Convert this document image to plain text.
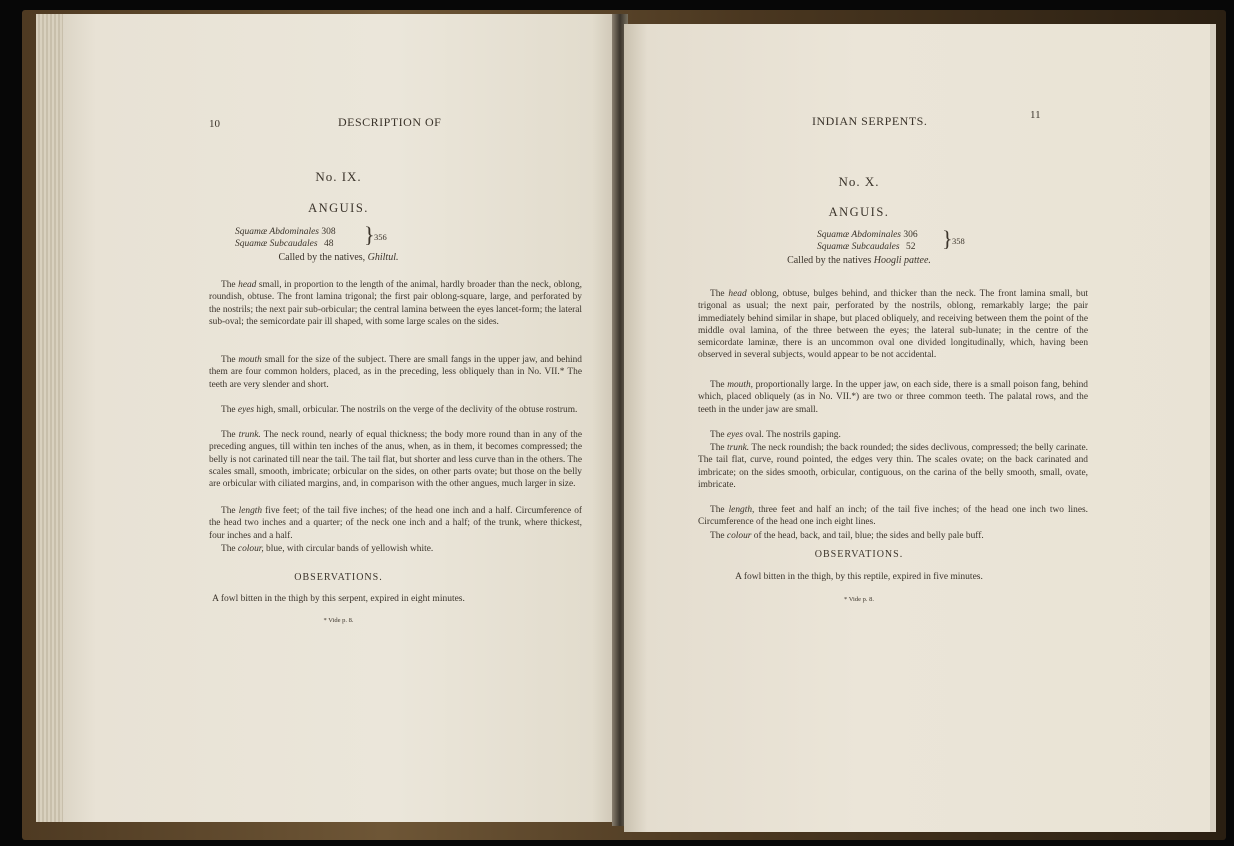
10	DESCRIPTION OF
No. IX.
ANGUIS.
Squamæ Abdominales 308
Squamæ Subcaudales 48	} 356
Called by the natives, Ghiltul.
The head small, in proportion to the length of the animal, hardly broader than the neck, oblong, roundish, obtuse. The front lamina trigonal; the first pair oblong-square, large, and perforated by the nostrils; the next pair sub-orbicular; the central lamina between the eyes lancet-form; the lateral sub-oval; the semicordate pair ill shaped, with some large scales on the sides.
The mouth small for the size of the subject. There are small fangs in the upper jaw, and behind them are four common holders, placed, as in the preceding, less obliquely than in No. VII.* The teeth are very slender and short.
The eyes high, small, orbicular. The nostrils on the verge of the declivity of the obtuse rostrum.
The trunk. The neck round, nearly of equal thickness; the body more round than in any of the preceding angues, till within ten inches of the anus, when, as in them, it becomes compressed; the belly is not carinated till near the tail. The tail flat, but shorter and less curve than in the others. The scales small, smooth, imbricate; orbicular on the sides, on other parts ovate; but those on the belly are orbicular with ciliated margins, and, in comparison with the other angues, much larger in size.
The length five feet; of the tail five inches; of the head one inch and a half. Circumference of the head two inches and a quarter; of the neck one inch and a half; of the trunk, where thickest, four inches and a half.
The colour, blue, with circular bands of yellowish white.
OBSERVATIONS.
A fowl bitten in the thigh by this serpent, expired in eight minutes.
* Vide p. 8.
INDIAN SERPENTS.	11
No. X.
ANGUIS.
Squamæ Abdominales 306
Squamæ Subcaudales 52	} 358
Called by the natives Hoogli pattee.
The head oblong, obtuse, bulges behind, and thicker than the neck. The front lamina small, but trigonal as usual; the next pair, perforated by the nostrils, oblong, remarkably large; the pair immediately behind similar in shape, but placed obliquely, and receiving between them the point of the middle oval lamina, of the three between the eyes; the lateral sub-lunate; in the centre of the semicordate laminæ, there is an uncommon oval one divided longitudinally, which, having been observed in several subjects, would appear to be not accidental.
The mouth, proportionally large. In the upper jaw, on each side, there is a small poison fang, behind which, placed obliquely (as in No. VII.*) are two or three common teeth. The palatal rows, and the teeth in the under jaw are small.
The eyes oval. The nostrils gaping.
The trunk. The neck roundish; the back rounded; the sides declivous, compressed; the belly carinate. The tail flat, curve, round pointed, the edges very thin. The scales ovate; on the back carinated and imbricate; on the sides smooth, orbicular, contiguous, on the carina of the belly smooth, small, ovate, imbricate.
The length, three feet and half an inch; of the tail five inches; of the head one inch two lines. Circumference of the head one inch eight lines.
The colour of the head, back, and tail, blue; the sides and belly pale buff.
OBSERVATIONS.
A fowl bitten in the thigh, by this reptile, expired in five minutes.
* Vide p. 8.
